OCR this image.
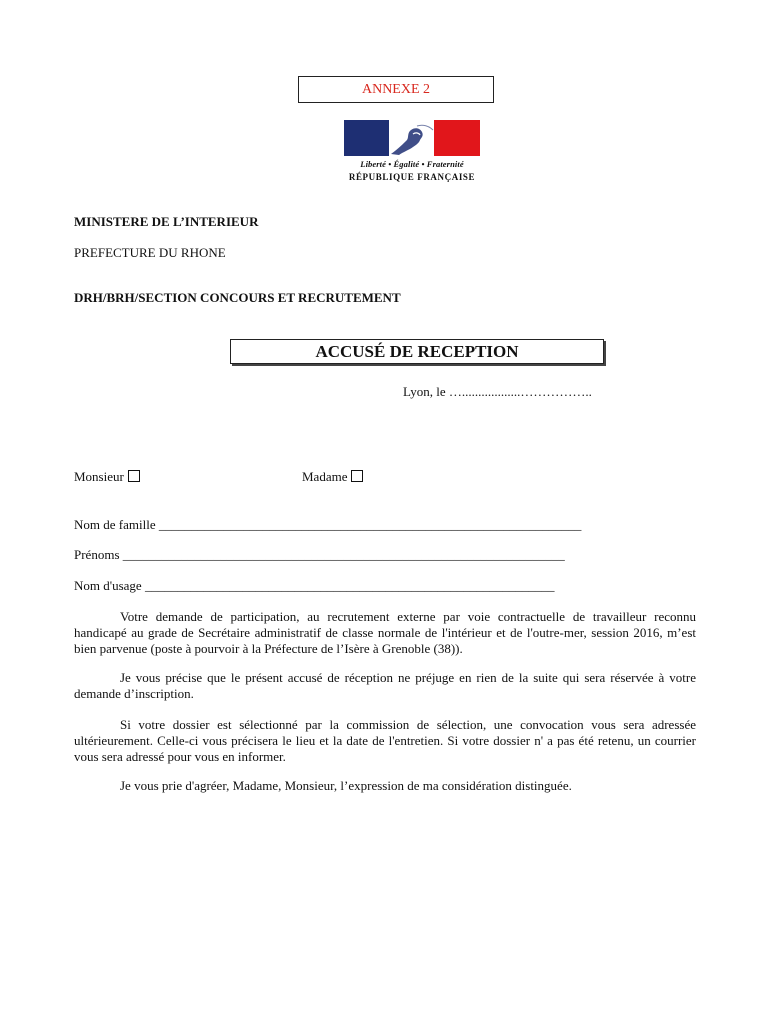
ANNEXE 2
Liberté • Égalité • Fraternité
RÉPUBLIQUE FRANÇAISE
MINISTERE DE L’INTERIEUR
PREFECTURE DU RHONE
DRH/BRH/SECTION CONCOURS ET RECRUTEMENT
ACCUSÉ DE RECEPTION
Lyon, le …..................……………..
Monsieur	Madame
Nom de famille _________________________________________________________________
Prénoms ____________________________________________________________________
Nom d'usage _______________________________________________________________
Votre demande de participation, au recrutement externe par voie contractuelle de travailleur reconnu handicapé au grade de Secrétaire administratif de classe normale de l'intérieur et de l'outre-mer, session 2016, m’est bien parvenue (poste à pourvoir à la Préfecture de l’Isère à Grenoble (38)).
Je vous précise que le présent accusé de réception ne préjuge en rien de la suite qui sera réservée à votre demande d’inscription.
Si votre dossier est sélectionné par la commission de sélection, une convocation vous sera adressée ultérieurement. Celle-ci vous précisera le lieu et la date de l'entretien. Si votre dossier n' a pas été retenu, un courrier vous sera adressé pour vous en informer.
Je vous prie d'agréer, Madame, Monsieur, l’expression de ma considération distinguée.
